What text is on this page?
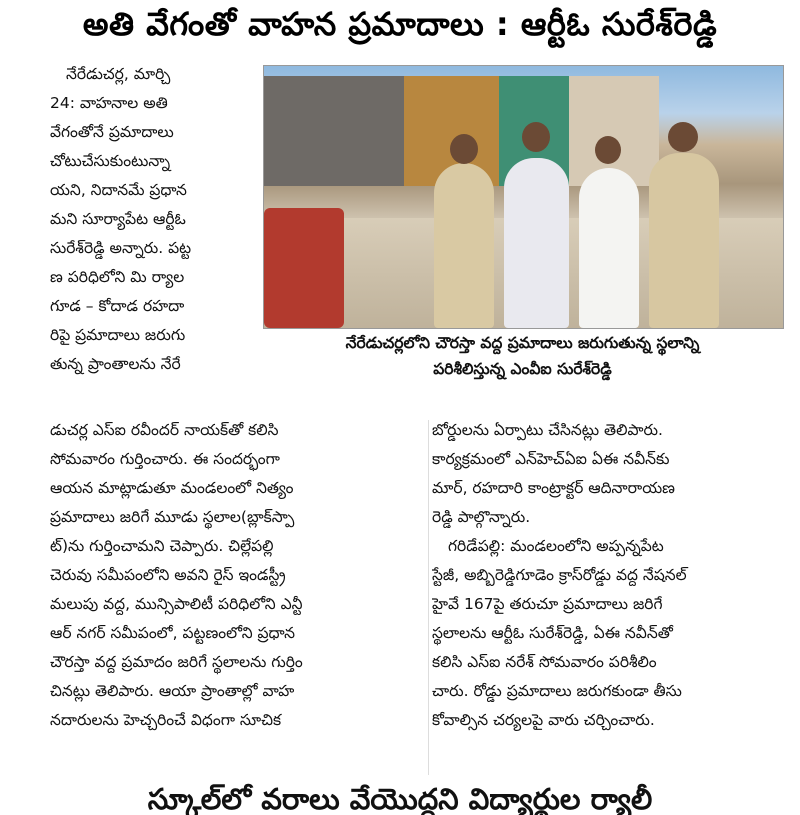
అతి వేగంతో వాహన ప్రమాదాలు : ఆర్టీఓ సురేశ్‌రెడ్డి
నేరేడుచర్ల, మార్చి
24: వాహనాల అతి
వేగంతోనే ప్రమాదాలు
చోటుచేసుకుంటున్నా
యని, నిదానమే ప్రధాన
మని సూర్యాపేట ఆర్టీఓ
సురేశ్‌రెడ్డి అన్నారు. పట్ట
ణ పరిధిలోని మి ర్యాల
గూడ – కోదాడ రహదా
రిపై ప్రమాదాలు జరుగు
తున్న ప్రాంతాలను నేరే
నేరేడుచర్లలోని చౌరస్తా వద్ద ప్రమాదాలు జరుగుతున్న స్థలాన్ని
పరిశీలిస్తున్న ఎంవీఐ సురేశ్‌రెడ్డి
డుచర్ల ఎస్‌ఐ రవీందర్ నాయక్‌తో కలిసి
సోమవారం గుర్తించారు. ఈ సందర్భంగా
ఆయన మాట్లాడుతూ మండలంలో నిత్యం
ప్రమాదాలు జరిగే మూడు స్థలాల(బ్లాక్‌స్పా
ట్)ను గుర్తించామని చెప్పారు. చిల్లేపల్లి
చెరువు సమీపంలోని అవని రైస్ ఇండస్ట్రీ
మలుపు వద్ద, మున్సిపాలిటీ పరిధిలోని ఎన్టీ
ఆర్ నగర్ సమీపంలో, పట్టణంలోని ప్రధాన
చౌరస్తా వద్ద ప్రమాదం జరిగే స్థలాలను గుర్తిం
చినట్లు తెలిపారు. ఆయా ప్రాంతాల్లో వాహ
నదారులను హెచ్చరించే విధంగా సూచిక
బోర్డులను ఏర్పాటు చేసినట్లు తెలిపారు.
కార్యక్రమంలో ఎన్‌హెచ్‌ఏఐ ఏఈ నవీన్‌కు
మార్, రహదారి కాంట్రాక్టర్ ఆదినారాయణ
రెడ్డి పాల్గొన్నారు.
గరిడేపల్లి: మండలంలోని అప్పన్నపేట
స్టేజీ, అబ్బిరెడ్డిగూడెం క్రాస్‌రోడ్డు వద్ద నేషనల్
హైవే 167పై తరుచూ ప్రమాదాలు జరిగే
స్థలాలను ఆర్టీఓ సురేశ్‌రెడ్డి, ఏఈ నవీన్‌తో
కలిసి ఎస్‌ఐ నరేశ్ సోమవారం పరిశీలిం
చారు. రోడ్డు ప్రమాదాలు జరుగకుండా తీసు
కోవాల్సిన చర్యలపై వారు చర్చించారు.
స్కూల్‌లో వరాలు వేయొద్దని విద్యార్థుల ర్యాలీ
